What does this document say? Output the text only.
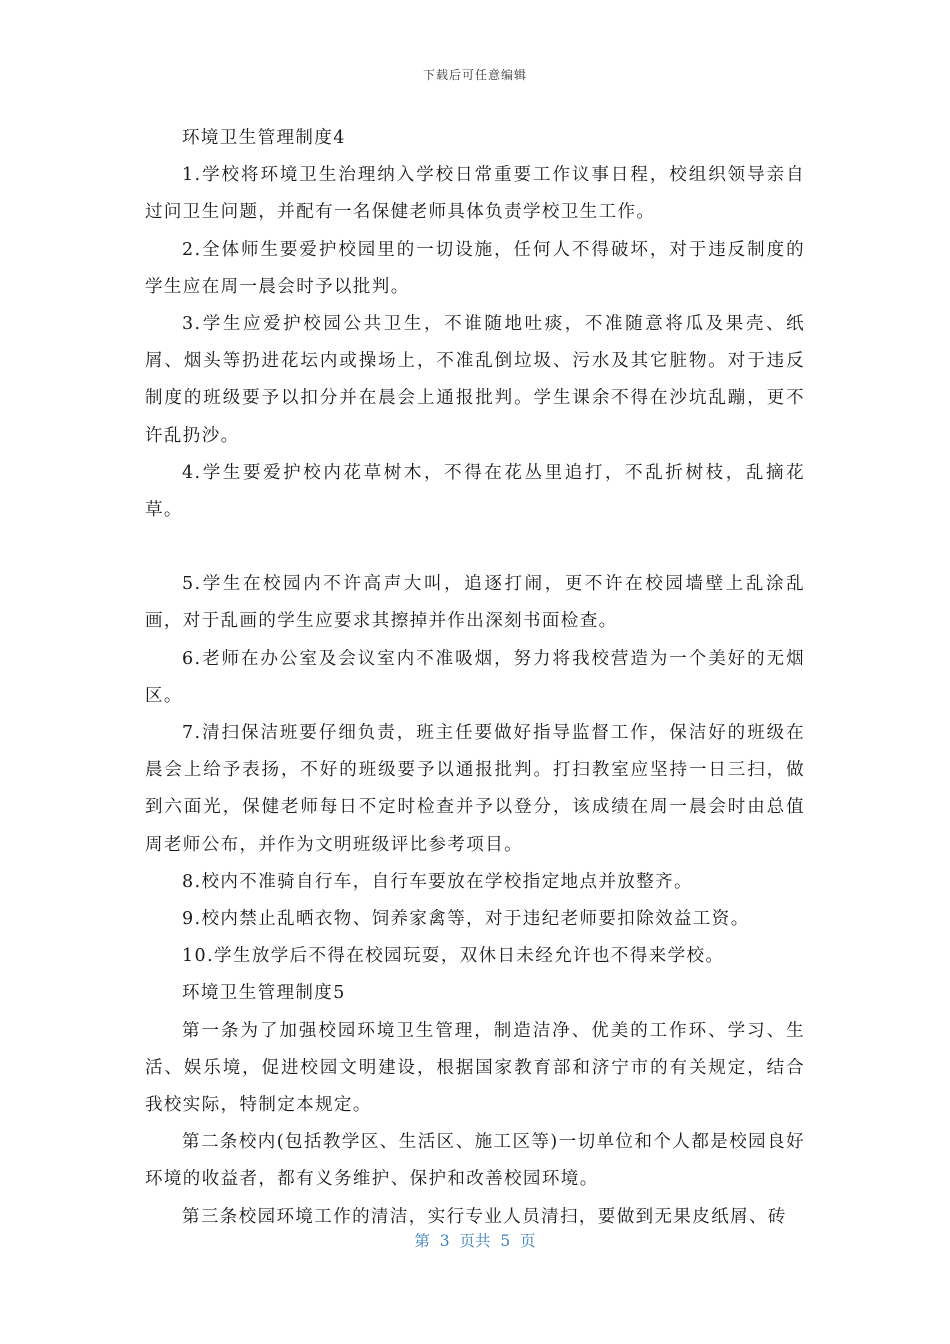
下载后可任意编辑

环境卫生管理制度4

1.学校将环境卫生治理纳入学校日常重要工作议事日程，校组织领导亲自过问卫生问题，并配有一名保健老师具体负责学校卫生工作。

2.全体师生要爱护校园里的一切设施，任何人不得破坏，对于违反制度的学生应在周一晨会时予以批判。

3.学生应爱护校园公共卫生，不谁随地吐痰，不准随意将瓜及果壳、纸屑、烟头等扔进花坛内或操场上，不准乱倒垃圾、污水及其它脏物。对于违反制度的班级要予以扣分并在晨会上通报批判。学生课余不得在沙坑乱蹦，更不许乱扔沙。

4.学生要爱护校内花草树木，不得在花丛里追打，不乱折树枝，乱摘花草。

5.学生在校园内不许高声大叫，追逐打闹，更不许在校园墙壁上乱涂乱画，对于乱画的学生应要求其擦掉并作出深刻书面检查。

6.老师在办公室及会议室内不准吸烟，努力将我校营造为一个美好的无烟区。

7.清扫保洁班要仔细负责，班主任要做好指导监督工作，保洁好的班级在晨会上给予表扬，不好的班级要予以通报批判。打扫教室应坚持一日三扫，做到六面光，保健老师每日不定时检查并予以登分，该成绩在周一晨会时由总值周老师公布，并作为文明班级评比参考项目。

8.校内不准骑自行车，自行车要放在学校指定地点并放整齐。

9.校内禁止乱晒衣物、饲养家禽等，对于违纪老师要扣除效益工资。

10.学生放学后不得在校园玩耍，双休日未经允许也不得来学校。

环境卫生管理制度5

第一条为了加强校园环境卫生管理，制造洁净、优美的工作环、学习、生活、娱乐境，促进校园文明建设，根据国家教育部和济宁市的有关规定，结合我校实际，特制定本规定。

第二条校内(包括教学区、生活区、施工区等)一切单位和个人都是校园良好环境的收益者，都有义务维护、保护和改善校园环境。

第三条校园环境工作的清洁，实行专业人员清扫，要做到无果皮纸屑、砖

第  3  页共  5  页
